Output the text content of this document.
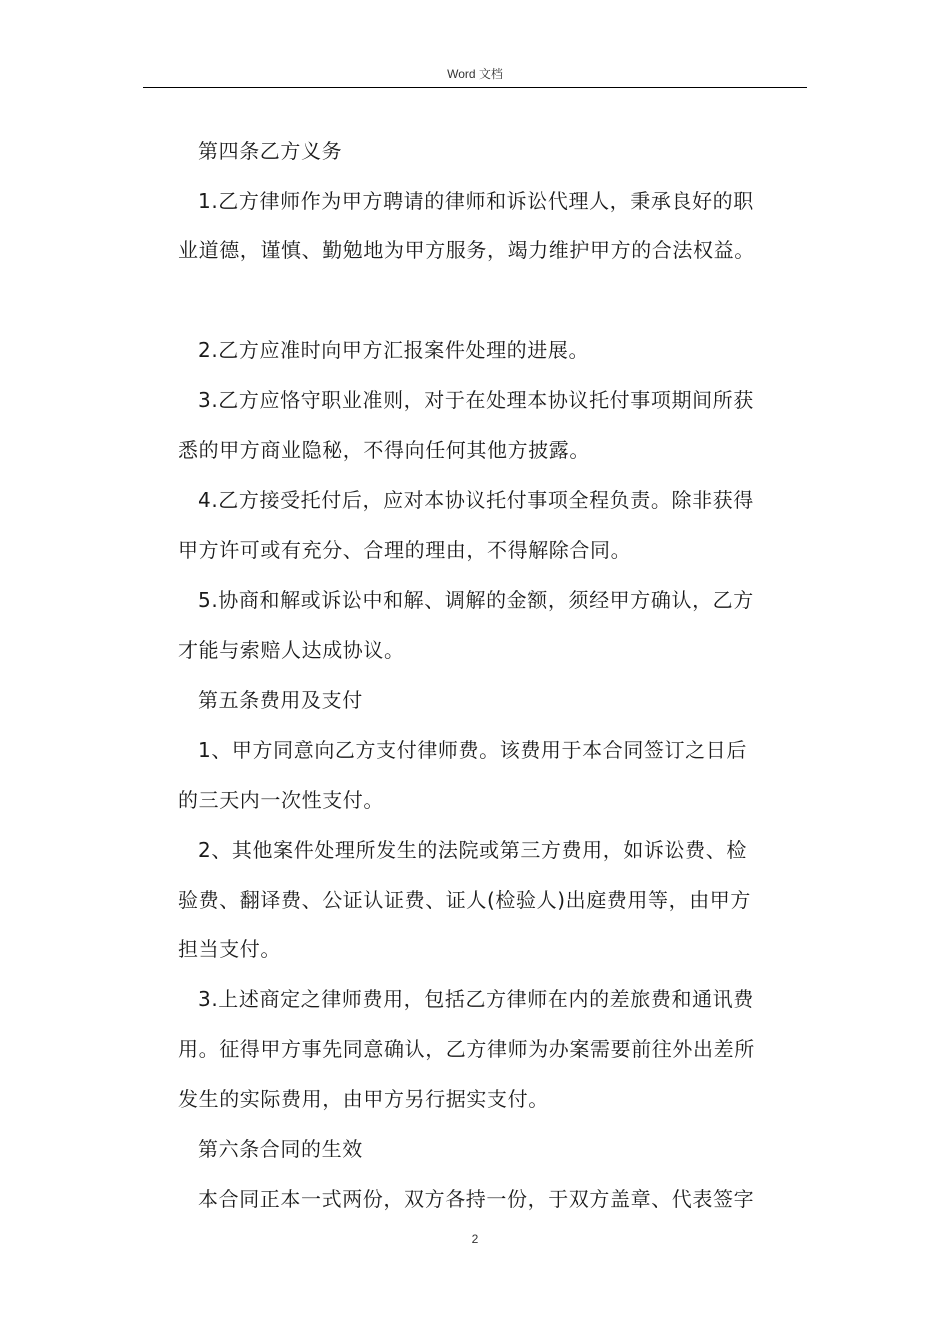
Word 文档
第四条乙方义务
1.乙方律师作为甲方聘请的律师和诉讼代理人，秉承良好的职
业道德，谨慎、勤勉地为甲方服务，竭力维护甲方的合法权益。
2.乙方应准时向甲方汇报案件处理的进展。
3.乙方应恪守职业准则，对于在处理本协议托付事项期间所获
悉的甲方商业隐秘，不得向任何其他方披露。
4.乙方接受托付后，应对本协议托付事项全程负责。除非获得
甲方许可或有充分、合理的理由，不得解除合同。
5.协商和解或诉讼中和解、调解的金额，须经甲方确认，乙方
才能与索赔人达成协议。
第五条费用及支付
1、甲方同意向乙方支付律师费。该费用于本合同签订之日后
的三天内一次性支付。
2、其他案件处理所发生的法院或第三方费用，如诉讼费、检
验费、翻译费、公证认证费、证人(检验人)出庭费用等，由甲方
担当支付。
3.上述商定之律师费用，包括乙方律师在内的差旅费和通讯费
用。征得甲方事先同意确认，乙方律师为办案需要前往外出差所
发生的实际费用，由甲方另行据实支付。
第六条合同的生效
本合同正本一式两份，双方各持一份，于双方盖章、代表签字
2
